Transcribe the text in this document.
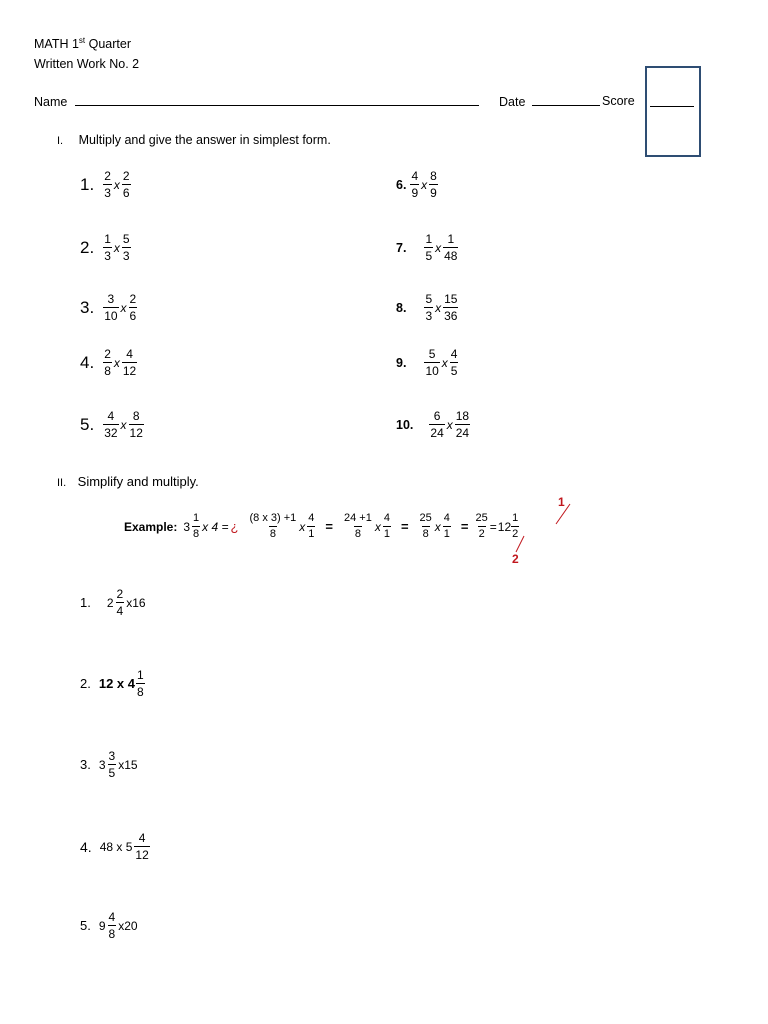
MATH 1st Quarter
Written Work No. 2
Name	Date	Score
I. Multiply and give the answer in simplest form.
1. $\frac{2}{3}$ x $\frac{2}{6}$
2. $\frac{1}{3}$ x $\frac{5}{3}$
3. $\frac{3}{10}$ x $\frac{2}{6}$
4. $\frac{2}{8}$ x $\frac{4}{12}$
5. $\frac{4}{32}$ x $\frac{8}{12}$
6. $\frac{4}{9}$ x $\frac{8}{9}$
7. $\frac{1}{5}$ x $\frac{1}{48}$
8. $\frac{5}{3}$ x $\frac{15}{36}$
9. $\frac{5}{10}$ x $\frac{4}{5}$
10. $\frac{6}{24}$ x $\frac{18}{24}$
II. Simplify and multiply.
Example: $3 \frac{1}{8}$ x 4 = ¿ $\frac{(8 x 3) +1}{8}$ x $\frac{4}{1} = \frac{24 +1}{8}$ x $\frac{4}{1} = \frac{25}{8}$ x $\frac{4}{1} = \frac{25}{2} = 12 \frac{1}{2}$
1
2
1. $2 \frac{2}{4} x16$
2. 12 x $4 \frac{1}{8}$
3. $3 \frac{3}{5} x15$
4. 48 x $5 \frac{4}{12}$
5. $9 \frac{4}{8} x20$
